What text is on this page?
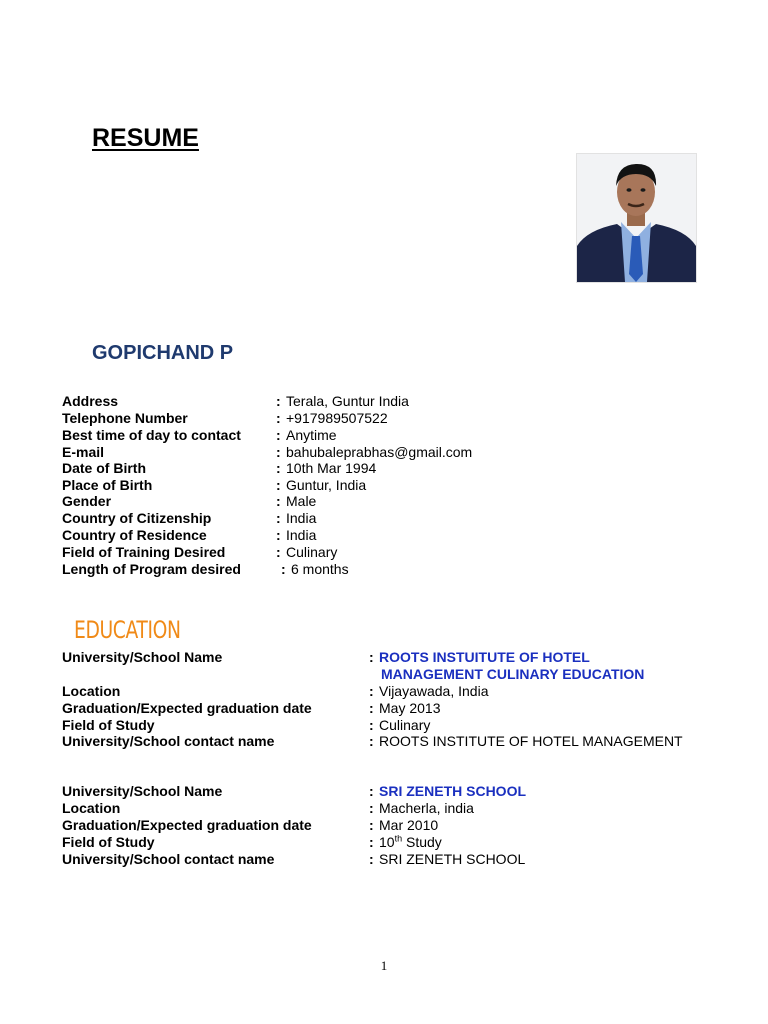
RESUME
GOPICHAND P
Address	: Terala, Guntur India
Telephone Number	: +917989507522
Best time of day to contact	: Anytime
E-mail	: bahubaleprabhas@gmail.com
Date of Birth	: 10th Mar 1994
Place of Birth	: Guntur, India
Gender	: Male
Country of Citizenship	: India
Country of Residence	: India
Field of Training Desired	: Culinary
Length of Program desired	: 6 months
EDUCATION
University/School Name	: ROOTS INSTUITUTE OF HOTEL
MANAGEMENT CULINARY EDUCATION
Location	: Vijayawada, India
Graduation/Expected graduation date	: May 2013
Field of Study	: Culinary
University/School contact name	: ROOTS INSTITUTE OF HOTEL MANAGEMENT
University/School Name	: SRI ZENETH SCHOOL
Location	: Macherla, india
Graduation/Expected graduation date	: Mar 2010
Field of Study	: 10th Study
University/School contact name	: SRI ZENETH SCHOOL
1
